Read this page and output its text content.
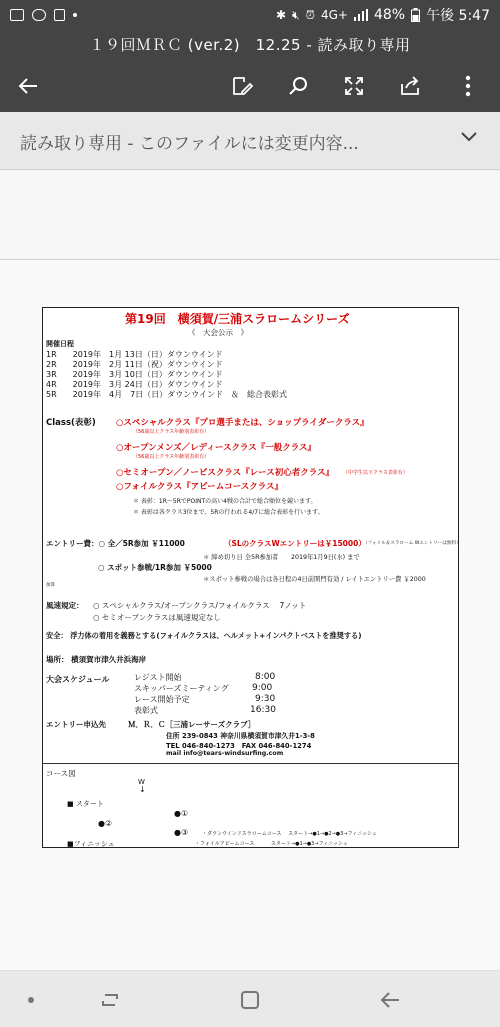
✱ 🔇︎ ⏰︎ 4G+ 48% 午後 5:47
１９回ＭＲＣ (ver.2)　12.25 - 読み取り専用
読み取り専用 - このファイルには変更内容...
第19回　横須賀/三浦スラロームシリーズ
《　大会公示　》
開催日程
1R　　2019年　1月 13日（日）ダウンウインド
2R　　2019年　2月 11日（祝）ダウンウインド
3R　　2019年　3月 10日（日）ダウンウインド
4R　　2019年　3月 24日（日）ダウンウインド
5R　　2019年　4月　7日（日）ダウンウインド　＆　総合表彰式
Class(表彰) ○スペシャルクラス『プロ選手または、ショップライダークラス』
（56歳以上クラス年齢別表彰有）
○オープンメンズ／レディースクラス『一般クラス』
（56歳以上クラス年齢別表彰有）
○セミオープン／ノービスクラス『レース初心者クラス』 （中学生以下クラス表彰有）
○フォイルクラス『アピームコースクラス』
＊ 表彰：1R～5RでPOINTの高い4戦の合計で総合順位を競います。
＊ 表彰は各クラス3位まで、5Rの行われる4/7に総合表彰を行います。
エントリー費：○ 全／5R参加 ￥11000	（SLのクラスWエントリーは￥15000）
（フォイル＆スラローム Wエントリーは無料）
＊ 締め切り日 全5R参加者　　2019年1月9日(水) まで
○ スポット参戦/1R参加 ￥5000
＊スポット参戦の場合は各日程の4日前開門有効 / レイトエントリー費 ￥2000
加算
風速規定： ○ スペシャルクラス/オープンクラス/フォイルクラス　 7ノット
○ セミオープンクラスは風速規定なし
安全： 浮力体の着用を義務とする(フォイルクラスは、ヘルメット+インパクトベストを推奨する)
場所： 横須賀市津久井浜海岸
大会スケジュール	レジスト開始	8:00
スキッパーズミーティング	9:00
レース開始予定	9:30
表彰式	16:30
エントリー申込先	Ｍ．Ｒ．Ｃ［三浦レーサーズクラブ］
住所 239-0843 神奈川県横須賀市津久井1-3-8
TEL 046-840-1273　FAX 046-840-1274
mail info@tears-windsurfing.com
コース図
W
↓
■ スタート
●①
●②
●③	・ダウンウインドスラロームコース　 スタート→●1→●2→●3→フィニッシュ
■フィニッシュ	・フォイルアピームコース　　　 スタート→●1→●3→フィニッシュ
